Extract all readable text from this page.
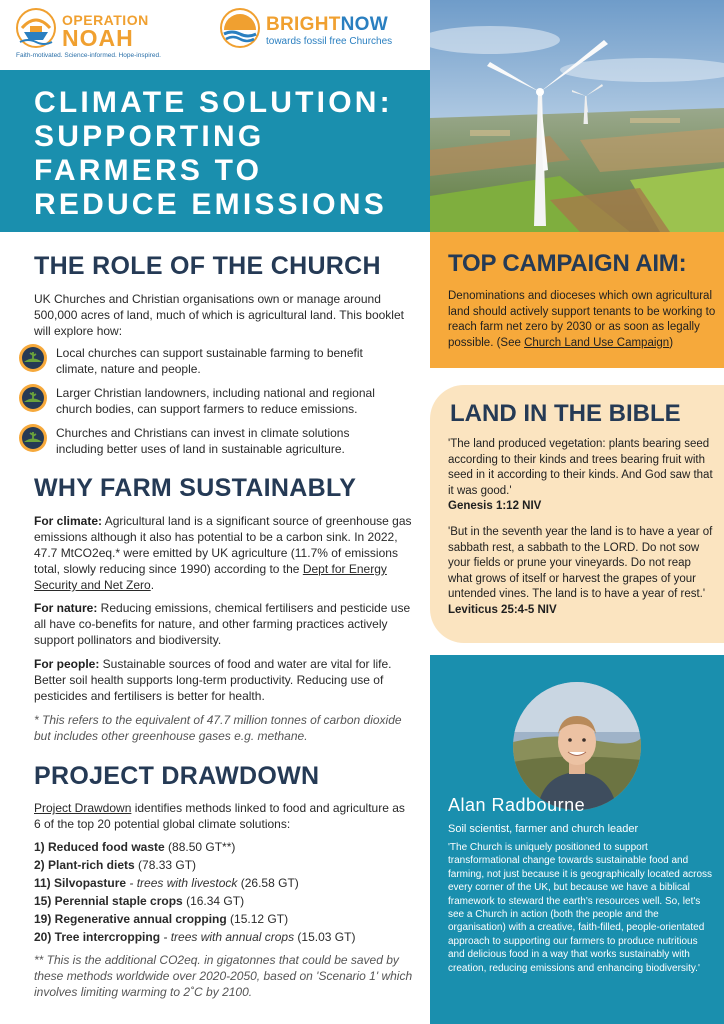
OPERATION
NOAH
Faith-motivated. Science-informed. Hope-inspired.
BRIGHTNOW
towards fossil free Churches
CLIMATE SOLUTION:
SUPPORTING
FARMERS TO
REDUCE EMISSIONS
THE ROLE OF THE CHURCH
UK Churches and Christian organisations own or manage around 500,000 acres of land, much of which is agricultural land. This booklet will explore how:
Local churches can support sustainable farming to benefit climate, nature and people.
Larger Christian landowners, including national and regional church bodies, can support farmers to reduce emissions.
Churches and Christians can invest in climate solutions including better uses of land in sustainable agriculture.
WHY FARM SUSTAINABLY
For climate: Agricultural land is a significant source of greenhouse gas emissions although it also has potential to be a carbon sink. In 2022, 47.7 MtCO2eq.* were emitted by UK agriculture (11.7% of emissions total, slowly reducing since 1990) according to the Dept for Energy Security and Net Zero.
For nature: Reducing emissions, chemical fertilisers and pesticide use all have co-benefits for nature, and other farming practices actively support pollinators and biodiversity.
For people: Sustainable sources of food and water are vital for life. Better soil health supports long-term productivity. Reducing use of pesticides and fertilisers is better for health.
* This refers to the equivalent of 47.7 million tonnes of carbon dioxide but includes other greenhouse gases e.g. methane.
PROJECT DRAWDOWN
Project Drawdown identifies methods linked to food and agriculture as 6 of the top 20 potential global climate solutions:
1) Reduced food waste (88.50 GT**)
2) Plant-rich diets (78.33 GT)
11) Silvopasture - trees with livestock (26.58 GT)
15) Perennial staple crops (16.34 GT)
19) Regenerative annual cropping (15.12 GT)
20) Tree intercropping - trees with annual crops (15.03 GT)
** This is the additional CO2eq. in gigatonnes that could be saved by these methods worldwide over 2020-2050, based on 'Scenario 1' which involves limiting warming to 2˚C by 2100.
TOP CAMPAIGN AIM:

Denominations and dioceses which own agricultural land should actively support tenants to be working to reach farm net zero by 2030 or as soon as legally possible. (See Church Land Use Campaign)

LAND IN THE BIBLE
'The land produced vegetation: plants bearing seed according to their kinds and trees bearing fruit with seed in it according to their kinds. And God saw that it was good.'
Genesis 1:12 NIV
'But in the seventh year the land is to have a year of sabbath rest, a sabbath to the LORD. Do not sow your fields or prune your vineyards. Do not reap what grows of itself or harvest the grapes of your untended vines. The land is to have a year of rest.'
Leviticus 25:4-5 NIV
Alan Radbourne
Soil scientist, farmer and church leader
'The Church is uniquely positioned to support transformational change towards sustainable food and farming, not just because it is geographically located across every corner of the UK, but because we have a biblical framework to steward the earth's resources well. So, let's see a Church in action (both the people and the organisation) with a creative, faith-filled, people-orientated approach to supporting our farmers to produce nutritious and delicious food in a way that works sustainably with creation, reducing emissions and enhancing biodiversity.'
